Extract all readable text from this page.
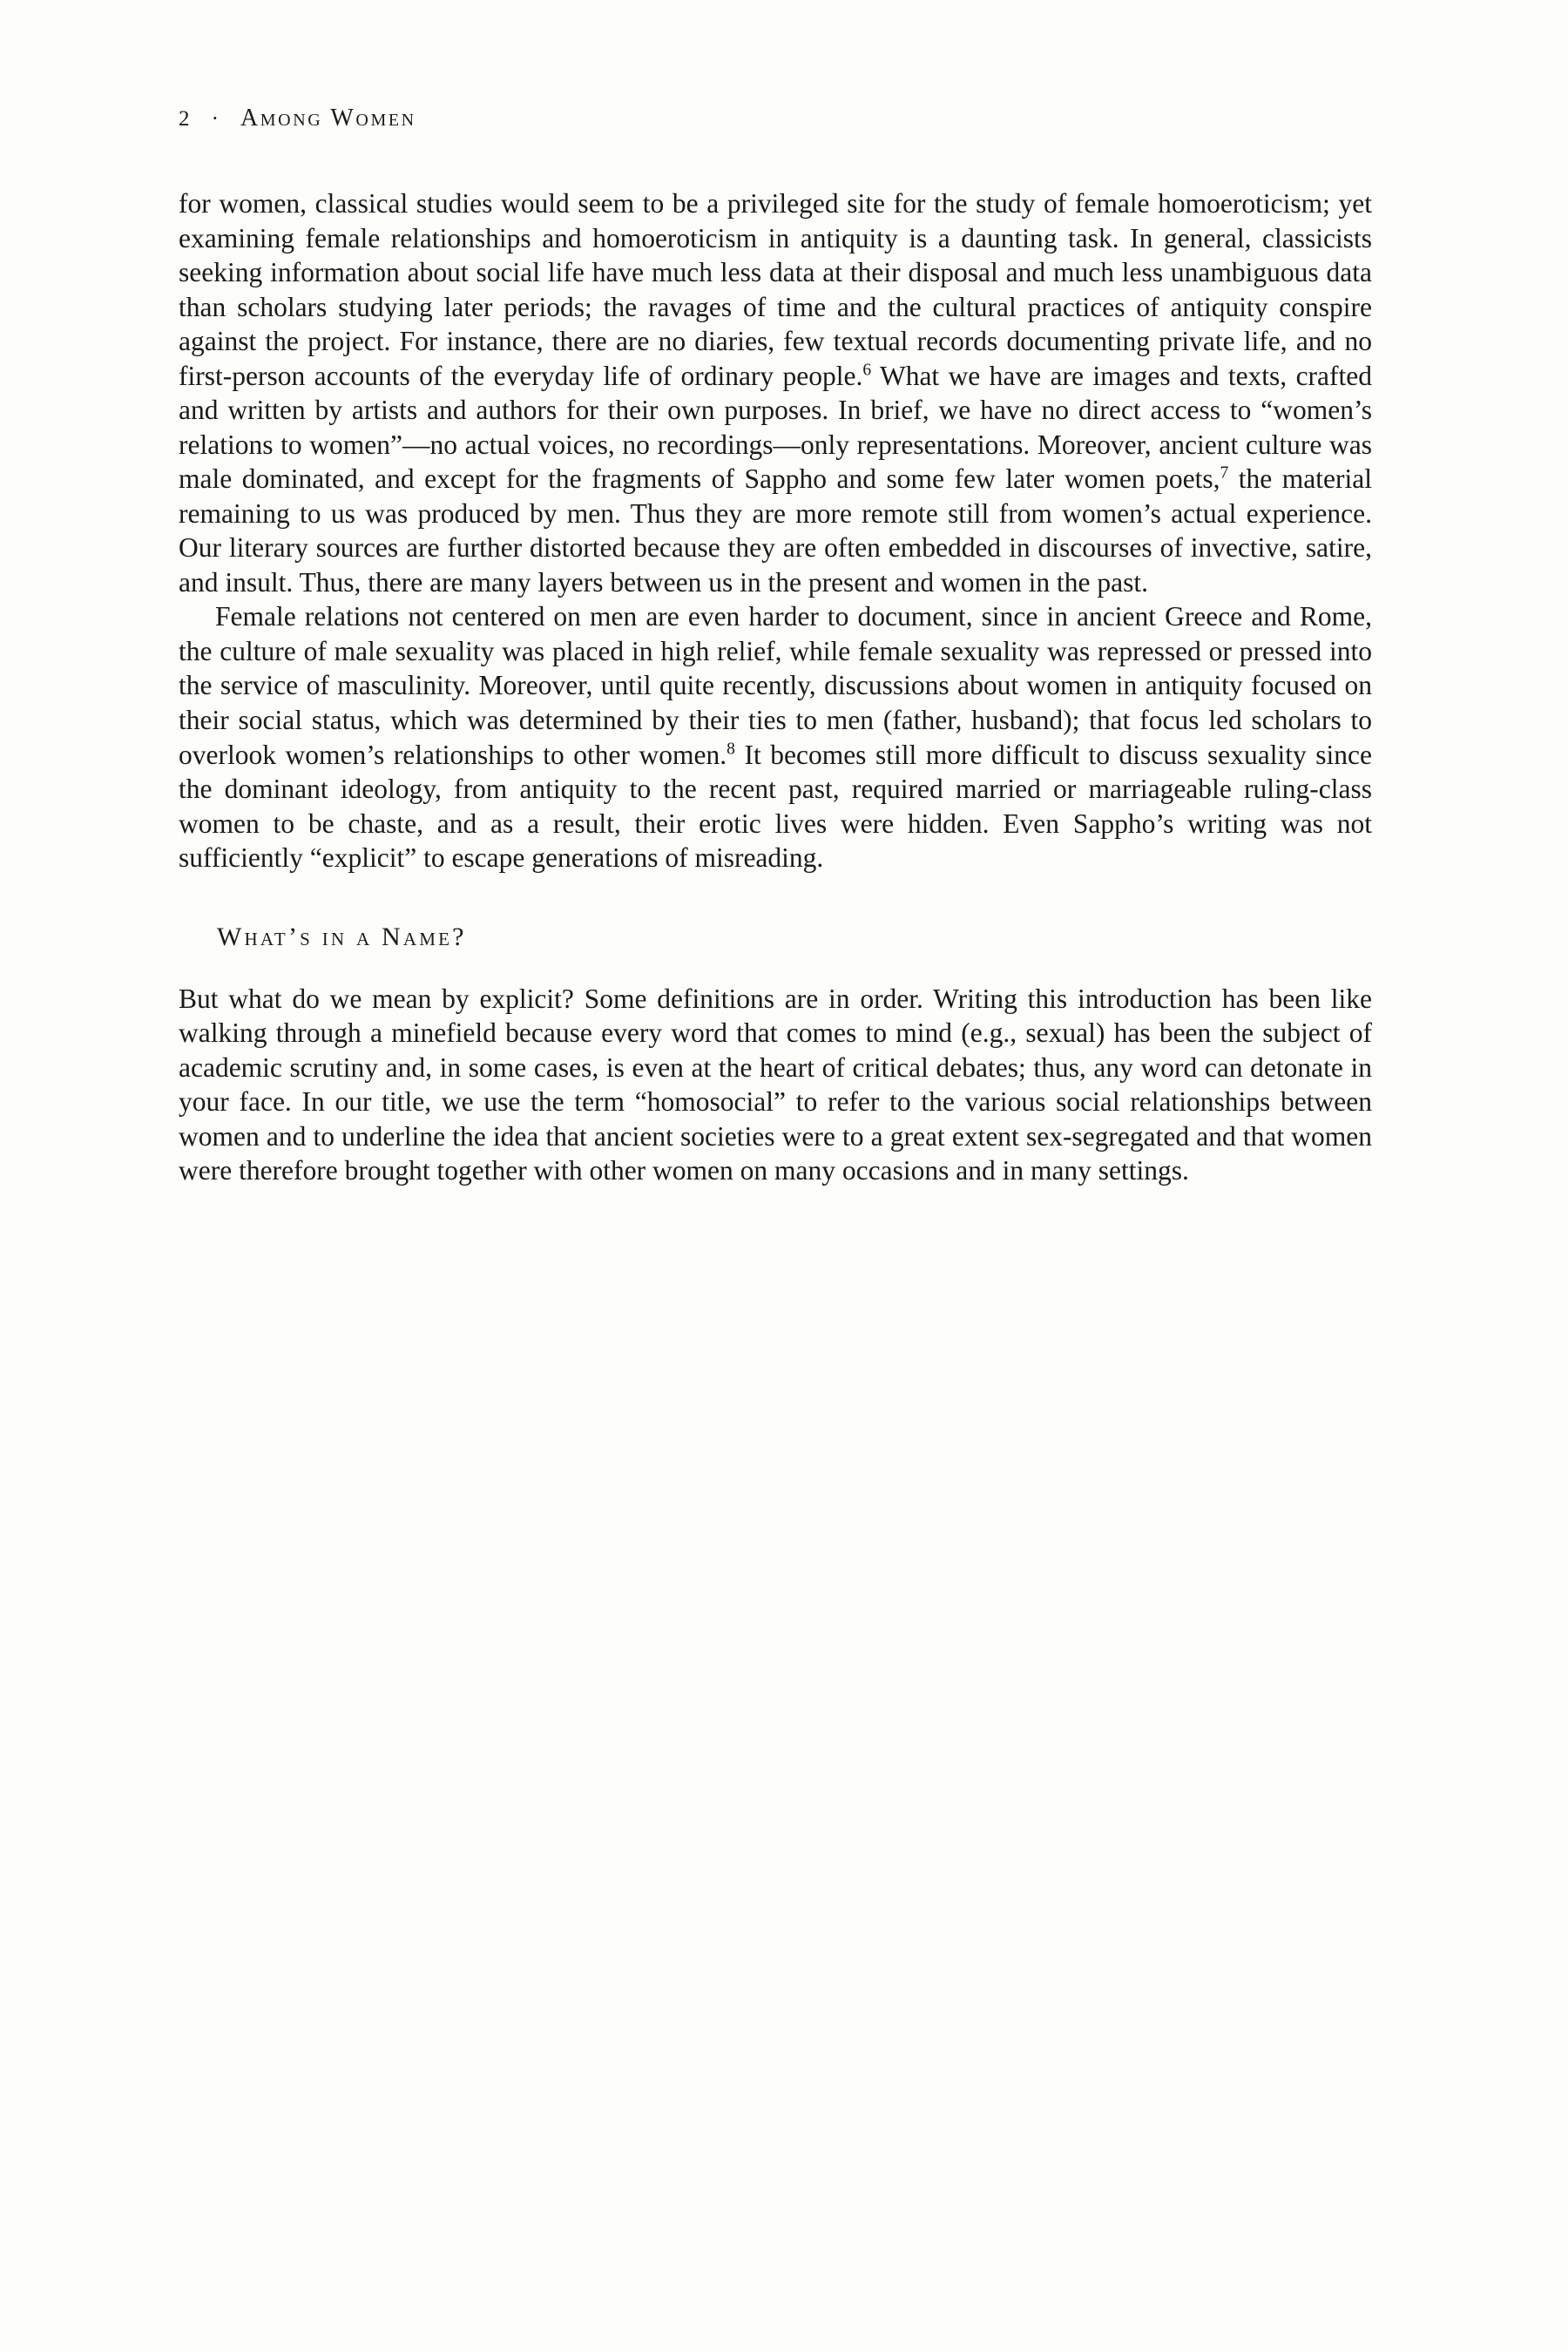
2 · Among Women

for women, classical studies would seem to be a privileged site for the study of female homoeroticism; yet examining female relationships and homoeroticism in antiquity is a daunting task. In general, classicists seeking information about social life have much less data at their disposal and much less unambiguous data than scholars studying later periods; the ravages of time and the cultural practices of antiquity conspire against the project. For instance, there are no diaries, few textual records documenting private life, and no first-person accounts of the everyday life of ordinary people.$^6$ What we have are images and texts, crafted and written by artists and authors for their own purposes. In brief, we have no direct access to “women’s relations to women”—no actual voices, no recordings—only representations. Moreover, ancient culture was male dominated, and except for the fragments of Sappho and some few later women poets,$^7$ the material remaining to us was produced by men. Thus they are more remote still from women’s actual experience. Our literary sources are further distorted because they are often embedded in discourses of invective, satire, and insult. Thus, there are many layers between us in the present and women in the past.

Female relations not centered on men are even harder to document, since in ancient Greece and Rome, the culture of male sexuality was placed in high relief, while female sexuality was repressed or pressed into the service of masculinity. Moreover, until quite recently, discussions about women in antiquity focused on their social status, which was determined by their ties to men (father, husband); that focus led scholars to overlook women’s relationships to other women.$^8$ It becomes still more difficult to discuss sexuality since the dominant ideology, from antiquity to the recent past, required married or marriageable ruling-class women to be chaste, and as a result, their erotic lives were hidden. Even Sappho’s writing was not sufficiently “explicit” to escape generations of misreading.

What’s in a Name?

But what do we mean by explicit? Some definitions are in order. Writing this introduction has been like walking through a minefield because every word that comes to mind (e.g., sexual) has been the subject of academic scrutiny and, in some cases, is even at the heart of critical debates; thus, any word can detonate in your face. In our title, we use the term “homosocial” to refer to the various social relationships between women and to underline the idea that ancient societies were to a great extent sex-segregated and that women were therefore brought together with other women on many occasions and in many settings.
